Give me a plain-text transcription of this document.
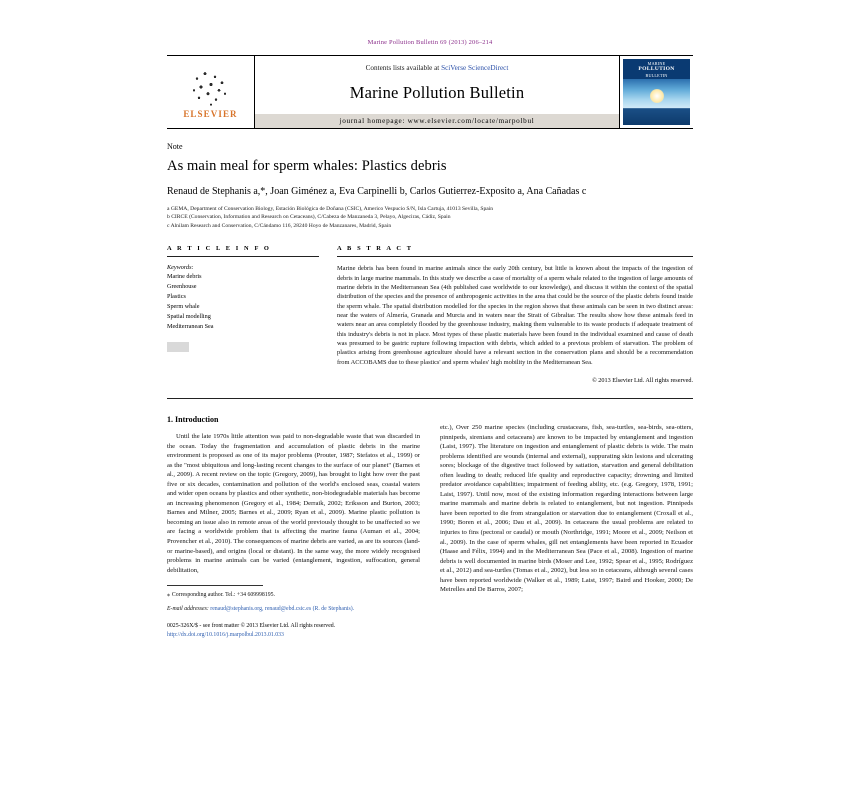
Marine Pollution Bulletin 69 (2013) 206–214
ELSEVIER
Contents lists available at SciVerse ScienceDirect
Marine Pollution Bulletin
journal homepage: www.elsevier.com/locate/marpolbul
MARINE
POLLUTION
BULLETIN
Note
As main meal for sperm whales: Plastics debris
Renaud de Stephanis a,*, Joan Giménez a, Eva Carpinelli b, Carlos Gutierrez-Exposito a, Ana Cañadas c
a GEMA, Department of Conservation Biology, Estación Biológica de Doñana (CSIC), Americo Vespucio S/N, Isla Cartuja, 41013 Sevilla, Spain
b CIRCE (Conservation, Information and Research on Cetaceans), C/Cabeza de Manzaneda 3, Pelayo, Algeciras, Cádiz, Spain
c Alnilam Research and Conservation, C/Cándamo 116, 28240 Hoyo de Manzanares, Madrid, Spain
A R T I C L E I N F O
Keywords:
Marine debris
Greenhouse
Plastics
Sperm whale
Spatial modelling
Mediterranean Sea
A B S T R A C T
Marine debris has been found in marine animals since the early 20th century, but little is known about the impacts of the ingestion of debris in large marine mammals. In this study we describe a case of mortality of a sperm whale related to the ingestion of large amounts of marine debris in the Mediterranean Sea (4th published case worldwide to our knowledge), and discuss it within the context of the spatial distribution of the species and the presence of anthropogenic activities in the area that could be the source of the plastic debris found inside the sperm whale. The spatial distribution modelled for the species in the region shows that these animals can be seen in two distinct areas: near the waters of Almería, Granada and Murcia and in waters near the Strait of Gibraltar. The results show how these animals feed in waters near an area completely flooded by the greenhouse industry, making them vulnerable to its waste products if adequate treatment of this industry's debris is not in place. Most types of these plastic materials have been found in the individual examined and cause of death was presumed to be gastric rupture following impaction with debris, which added to a previous problem of starvation. The problem of plastics arising from greenhouse agriculture should have a relevant section in the conservation plans and should be a recommendation from ACCOBAMS due to these plastics' and sperm whales' high mobility in the Mediterranean Sea.
© 2013 Elsevier Ltd. All rights reserved.
1. Introduction
Until the late 1970s little attention was paid to non-degradable waste that was discarded in the ocean. Today the fragmentation and accumulation of plastic debris in the marine environment is proposed as one of its major problems (Prouter, 1987; Stefatos et al., 1999) or as the "most ubiquitous and long-lasting recent changes to the surface of our planet" (Barnes et al., 2009). A recent review on the topic (Gregory, 2009), has brought to light how over the past five or six decades, contamination and pollution of the world's enclosed seas, coastal waters and wider open oceans by plastics and other synthetic, non-biodegradable materials has become an increasing phenomenon (Gregory et al., 1984; Derraik, 2002; Eriksson and Burton, 2003; Barnes and Milner, 2005; Barnes et al., 2009; Ryan et al., 2009). Marine plastic pollution is becoming an issue also in remote areas of the world previously thought to be unaffected so we are facing a worldwide problem that is affecting the marine fauna (Auman et al., 2004; Provencher et al., 2010). The consequences of marine debris are varied, as are its sources (land- or marine-based), and origins (local or distant). In the same way, the more widely recognised problems in marine animals can be varied (entanglement, ingestion, suffocation, general debilitation,
⁎ Corresponding author. Tel.: +34 609998195.
E-mail addresses: renaud@stephanis.org, renaud@ebd.csic.es (R. de Stephanis).
0025-326X/$ - see front matter © 2013 Elsevier Ltd. All rights reserved.
http://dx.doi.org/10.1016/j.marpolbul.2013.01.033
etc.), Over 250 marine species (including crustaceans, fish, sea-turtles, sea-birds, sea-otters, pinnipeds, sirenians and cetaceans) are known to be impacted by entanglement and ingestion (Laist, 1997). The literature on ingestion and entanglement of plastic debris is wide. The main problems identified are wounds (internal and external), suppurating skin lesions and ulcerating sores; blockage of the digestive tract followed by satiation, starvation and general debilitation often leading to death; reduced life quality and reproductive capacity; drowning and limited predator avoidance capabilities; impairment of feeding ability, etc. (e.g. Gregory, 1978, 1991; Laist, 1997). Until now, most of the existing information regarding interactions between large marine mammals and marine debris is related to entanglement, but not ingestion. Pinnipeds have been reported to die from strangulation or starvation due to entanglement (Croxall et al., 1990; Boren et al., 2006; Dau et al., 2009). In cetaceans the usual problems are related to injuries to fins (pectoral or caudal) or mouth (Northridge, 1991; Moore et al., 2009; Neilson et al., 2009). In the case of sperm whales, gill net entanglements have been reported in Ecuador (Haase and Félix, 1994) and in the Mediterranean Sea (Pace et al., 2008). Ingestion of marine debris is well documented in marine birds (Moser and Lee, 1992; Spear et al., 1995; Rodríguez et al., 2012) and sea-turtles (Tomas et al., 2002), but less so in cetaceans, although several cases have been reported worldwide (Walker et al., 1989; Laist, 1997; Baird and Hooker, 2000; De Meirelles and De Barros, 2007;
